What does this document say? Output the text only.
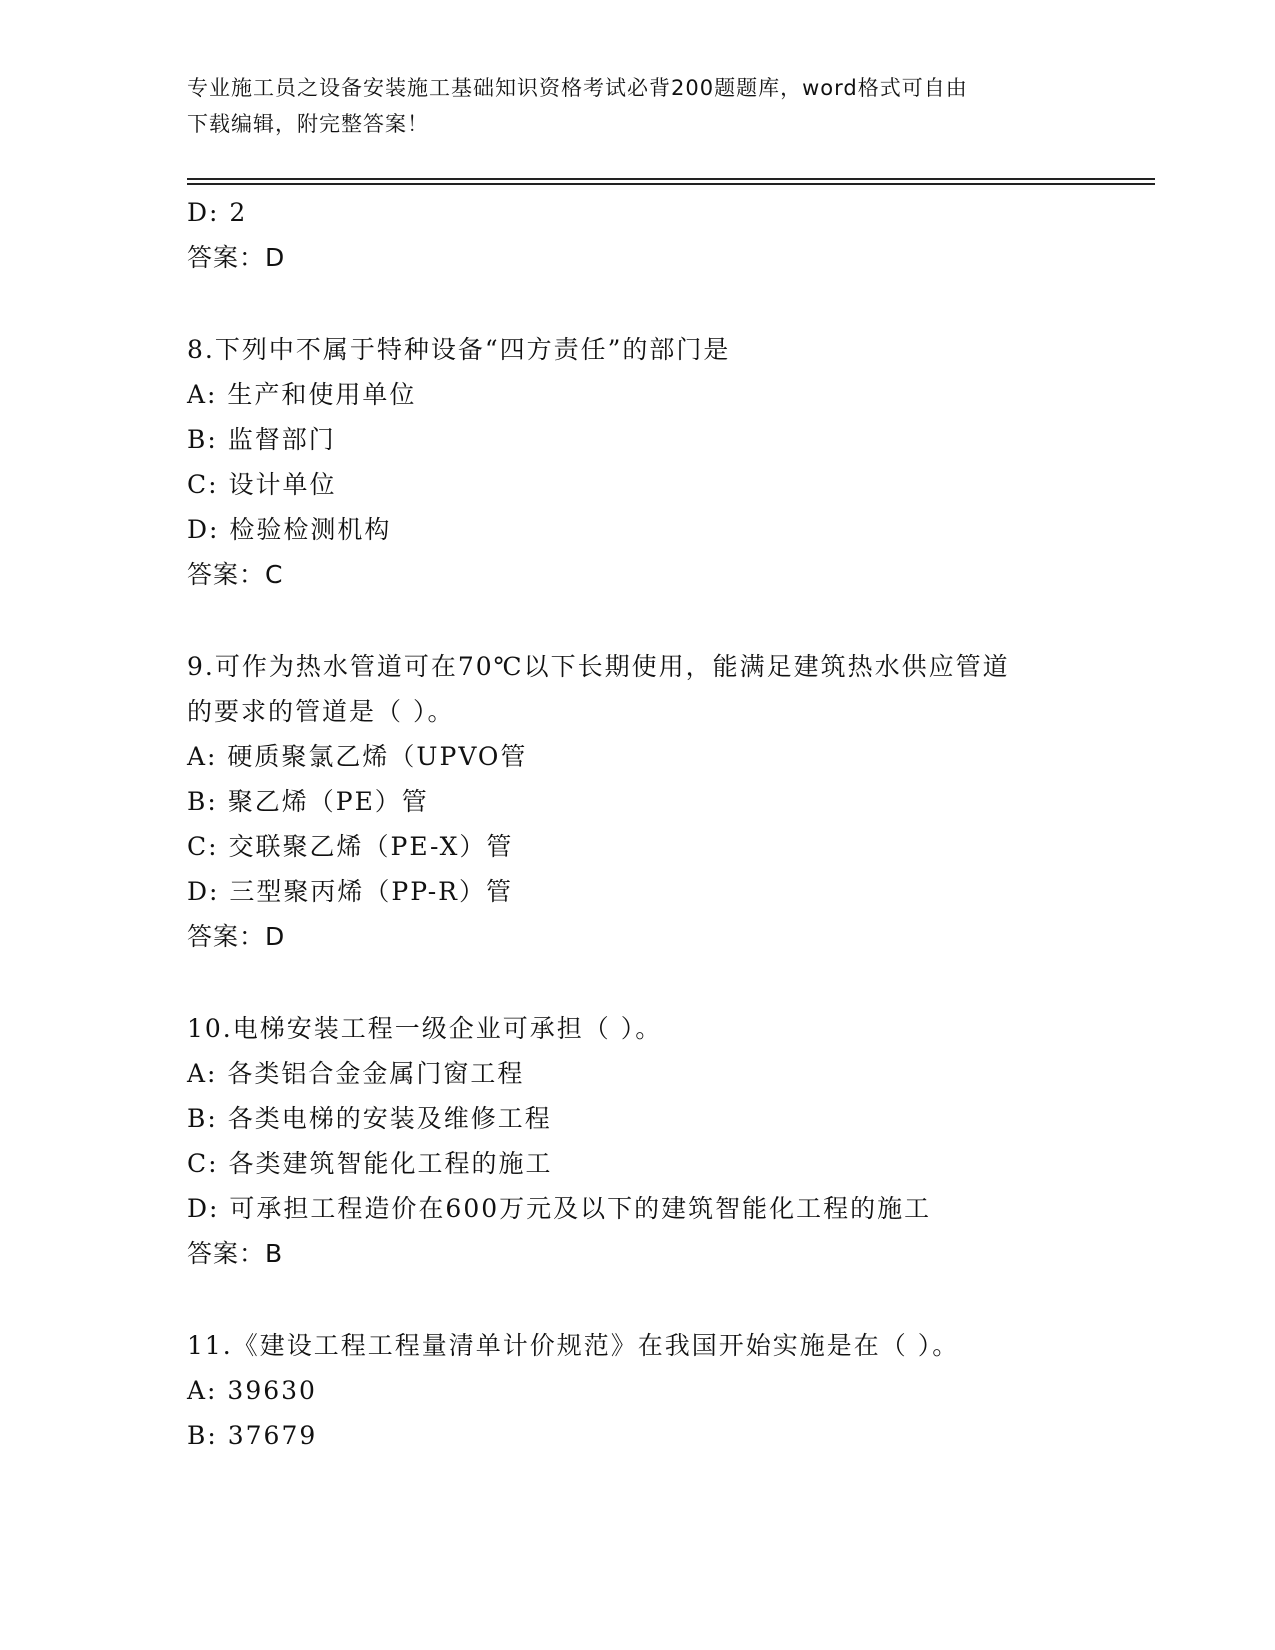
专业施工员之设备安装施工基础知识资格考试必背200题题库，word格式可自由
下载编辑，附完整答案！
D: 2
答案：D
8.下列中不属于特种设备“四方责任”的部门是
A: 生产和使用单位
B: 监督部门
C: 设计单位
D: 检验检测机构
答案：C
9.可作为热水管道可在70℃以下长期使用，能满足建筑热水供应管道
的要求的管道是（ ）。
A: 硬质聚氯乙烯（UPVO管
B: 聚乙烯（PE）管
C: 交联聚乙烯（PE-X）管
D: 三型聚丙烯（PP-R）管
答案：D
10.电梯安装工程一级企业可承担（ ）。
A: 各类铝合金金属门窗工程
B: 各类电梯的安装及维修工程
C: 各类建筑智能化工程的施工
D: 可承担工程造价在600万元及以下的建筑智能化工程的施工
答案：B
11.《建设工程工程量清单计价规范》在我国开始实施是在（ ）。
A: 39630
B: 37679
